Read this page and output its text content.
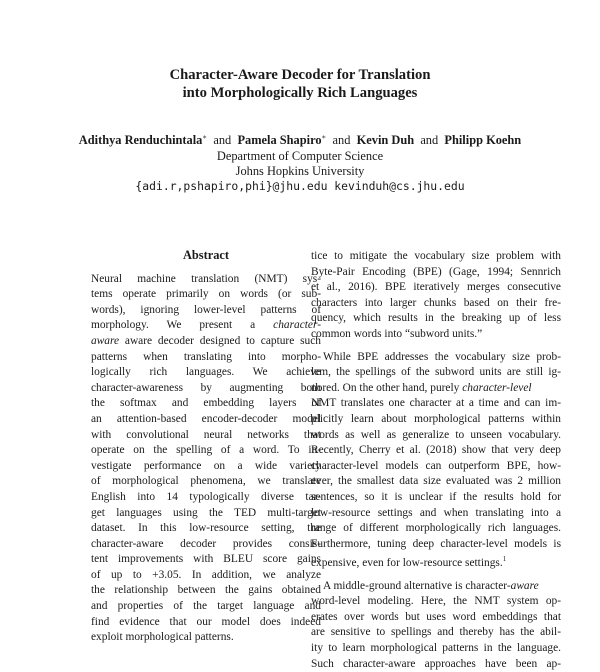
Character-Aware Decoder for Translation
into Morphologically Rich Languages
Adithya Renduchintala∗ and Pamela Shapiro∗ and Kevin Duh and Philipp Koehn
Department of Computer Science
Johns Hopkins University
{adi.r,pshapiro,phi}@jhu.edu kevinduh@cs.jhu.edu
Abstract
Neural machine translation (NMT) sys-
tems operate primarily on words (or sub-
words), ignoring lower-level patterns of
morphology. We present a character-
aware aware decoder designed to capture such
patterns when translating into morpho-
logically rich languages. We achieve
character-awareness by augmenting both
the softmax and embedding layers of
an attention-based encoder-decoder model
with convolutional neural networks that
operate on the spelling of a word. To in-
vestigate performance on a wide variety
of morphological phenomena, we translate
English into 14 typologically diverse tar-
get languages using the TED multi-target
dataset. In this low-resource setting, the
character-aware decoder provides consis-
tent improvements with BLEU score gains
of up to +3.05. In addition, we analyze
the relationship between the gains obtained
and properties of the target language and
find evidence that our model does indeed
exploit morphological patterns.
tice to mitigate the vocabulary size problem with
Byte-Pair Encoding (BPE) (Gage, 1994; Sennrich
et al., 2016). BPE iteratively merges consecutive
characters into larger chunks based on their fre-
quency, which results in the breaking up of less
common words into “subword units.”
While BPE addresses the vocabulary size prob-
lem, the spellings of the subword units are still ig-
nored. On the other hand, purely character-level
NMT translates one character at a time and can im-
plicitly learn about morphological patterns within
words as well as generalize to unseen vocabulary.
Recently, Cherry et al. (2018) show that very deep
character-level models can outperform BPE, how-
ever, the smallest data size evaluated was 2 million
sentences, so it is unclear if the results hold for
low-resource settings and when translating into a
range of different morphologically rich languages.
Furthermore, tuning deep character-level models is
expensive, even for low-resource settings.$^1$
A middle-ground alternative is character-aware
word-level modeling. Here, the NMT system op-
erates over words but uses word embeddings that
are sensitive to spellings and thereby has the abil-
ity to learn morphological patterns in the language.
Such character-aware approaches have been ap-
